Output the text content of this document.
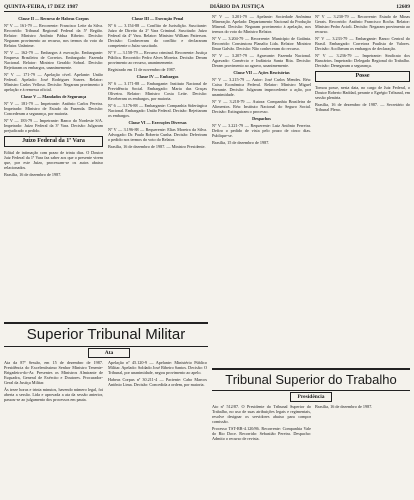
QUINTA-FEIRA, 17 DEZ 1987	DIÁRIO DA JUSTIÇA	12609
Classe II — Recurso de Habeas Corpus

Nº V — 161-79 — Recorrente: Francisco Leite da Silva. Recorrido: Tribunal Regional Federal da 5ª Região. Relator: Ministro Antônio Pádua Ribeiro. Decisão: Negaram provimento ao recurso, nos termos do voto do Relator. Unânime.

Nº V — 162-79 — Embargos à execução. Embargante: Empresa Brasileira de Correios. Embargado: Fazenda Nacional. Relator: Ministro Geraldo Sobral. Decisão: Rejeitaram os embargos, unanimemente.

Nº V — 171-79 — Apelação cível. Apelante: União Federal. Apelado: José Rodrigues Soares. Relator: Ministro Carlos Velloso. Decisão: Negaram provimento à apelação e à remessa oficial.

Classe V — Mandados de Segurança

Nº V — 181-79 — Impetrante: Antônio Carlos Pereira. Impetrado: Ministro de Estado da Fazenda. Decisão: Concederam a segurança, por maioria.

Nº V — 183-79 — Impetrante: Banco do Nordeste S/A. Impetrado: Juízo Federal da 3ª Vara. Decisão: Julgaram prejudicado o pedido.

Juízo Federal da 1ª Vara

Edital de intimação com prazo de trinta dias. O Doutor Juiz Federal da 1ª Vara faz saber aos que o presente virem que, por este Juízo, processam-se os autos abaixo relacionados.

Brasília, 16 de dezembro de 1987.

Classe III — Execução Penal

Nº 6 — 3.154-88 — Conflito de Jurisdição. Suscitante: Juízo de Direito da 2ª Vara Criminal. Suscitado: Juízo Federal da 4ª Vara. Relator: Ministro William Patterson. Decisão: Conheceram do conflito e declararam competente o Juízo suscitado.

Nº V — 3.158-79 — Recurso criminal. Recorrente: Justiça Pública. Recorrido: Pedro Alves Moreira. Decisão: Deram provimento ao recurso, unanimemente.

Registrado em 11 de novembro de 1987.

Classe IV — Embargos

Nº 6 — 3.171-88 — Embargante: Instituto Nacional de Previdência Social. Embargado: Maria das Graças Oliveira. Relator: Ministro Costa Leite. Decisão: Receberam os embargos, por maioria.

Nº 6 — 3.176-88 — Embargante: Companhia Siderúrgica Nacional. Embargado: União Federal. Decisão: Rejeitaram os embargos.

Classe VI — Execuções Diversas

Nº V — 3.196-88 — Requerente: Elias Moreira da Silva. Advogado: Dr. Paulo Roberto Cunha. Decisão: Deferiram o pedido nos termos do voto do Relator.

Brasília, 16 de dezembro de 1987. — Ministro Presidente.

Nº V — 3.201-79 — Apelante: Sociedade Anônima Mineração. Apelado: Departamento Nacional da Produção Mineral. Decisão: Negaram provimento à apelação, nos termos do voto do Ministro Relator.

Nº V — 3.204-79 — Recorrente: Município de Goiânia. Recorrido: Construtora Planalto Ltda. Relator: Ministro Ilmar Galvão. Decisão: Não conheceram do recurso.

Nº V — 3.207-79 — Agravante: Fazenda Nacional. Agravado: Comércio e Indústria Santa Rita. Decisão: Deram provimento ao agravo, unanimemente.

Classe VII — Ações Rescisórias

Nº V — 3.215-79 — Autor: José Carlos Mendes. Réu: Caixa Econômica Federal. Relator: Ministro Miguel Ferrante. Decisão: Julgaram improcedente a ação, por unanimidade.

Nº V — 3.218-79 — Autora: Companhia Brasileira de Alimentos. Réu: Instituto Nacional do Seguro Social. Decisão: Extinguiram o processo.

Despachos

Nº V — 3.221-79 — Requerente: Luiz Antônio Ferreira. Defiro o pedido de vista pelo prazo de cinco dias. Publique-se.

Brasília, 15 de dezembro de 1987.

Nº V — 3.230-79 — Recorrente: Estado de Minas Gerais. Recorrido: Antônio Francisco Rocha. Relator: Ministro Pedro Acioli. Decisão: Negaram provimento ao recurso.

Nº V — 3.233-79 — Embargante: Banco Central do Brasil. Embargado: Corretora Paulista de Valores. Decisão: Acolheram os embargos de declaração.

Nº V — 3.236-79 — Impetrante: Sindicato dos Bancários. Impetrado: Delegado Regional do Trabalho. Decisão: Denegaram a segurança.

Posse

Tomou posse, nesta data, no cargo de Juiz Federal, o Doutor Roberto Haddad, perante o Egrégio Tribunal, em sessão plenária.

Brasília, 16 de dezembro de 1987. — Secretário do Tribunal Pleno.

Superior Tribunal Militar
Ata

Ata da 87ª Sessão, em 15 de dezembro de 1987. Presidência do Excelentíssimo Senhor Ministro Tenente-Brigadeiro-do-Ar. Presentes os Ministros Almirante de Esquadra, General de Exército e Doutores. Procurador-Geral da Justiça Militar.

Às treze horas e trinta minutos, havendo número legal, foi aberta a sessão. Lida e aprovada a ata da sessão anterior, passou-se ao julgamento dos processos em pauta.

Apelação nº 45.120-9 — Apelante: Ministério Público Militar. Apelado: Soldado José Ribeiro Santos. Decisão: O Tribunal, por unanimidade, negou provimento ao apelo.

Habeas Corpus nº 30.211-4 — Paciente: Cabo Marcos Antônio Lima. Decisão: Concedida a ordem, por maioria.	Tribunal Superior do Trabalho
Presidência

Ato nº 512/87. O Presidente do Tribunal Superior do Trabalho, no uso de suas atribuições legais e regimentais, resolve designar os servidores abaixo para compor comissão.

Processo TST-RR-4.120/86. Recorrente: Companhia Vale do Rio Doce. Recorrido: Sebastião Pereira. Despacho: Admito o recurso de revista.

Brasília, 16 de dezembro de 1987.
